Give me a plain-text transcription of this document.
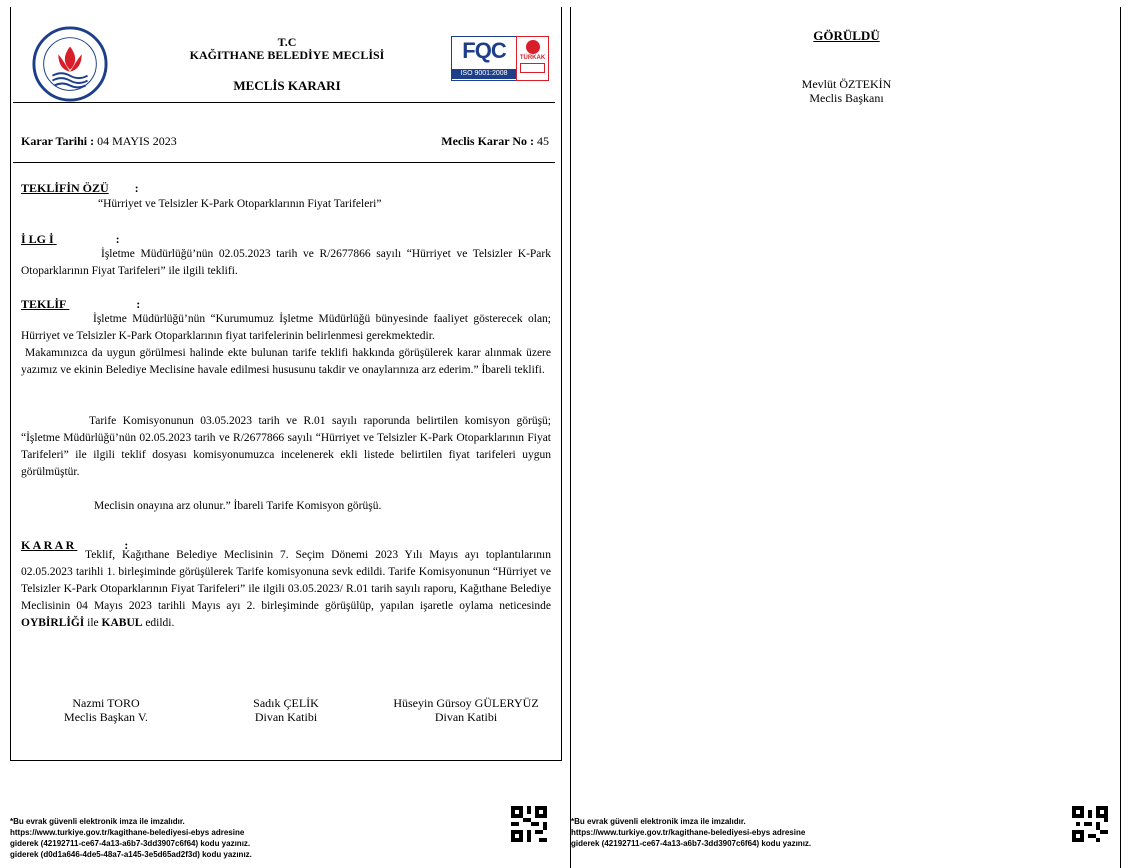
T.C
KAĞITHANE BELEDİYE MECLİSİ
MECLİS KARARI
FQC
ISO 9001:2008
TÜRKAK
Karar Tarihi : 04 MAYIS 2023	Meclis Karar No : 45
TEKLİFİN ÖZÜ :
“Hürriyet ve Telsizler K-Park Otoparklarının Fiyat Tarifeleri”
İ LG İ	:
İşletme Müdürlüğü’nün 02.05.2023 tarih ve R/2677866 sayılı “Hürriyet ve Telsizler K-Park Otoparklarının Fiyat Tarifeleri” ile ilgili teklifi.
TEKLİF	:
İşletme Müdürlüğü’nün “Kurumumuz İşletme Müdürlüğü bünyesinde faaliyet gösterecek olan; Hürriyet ve Telsizler K-Park Otoparklarının fiyat tarifelerinin belirlenmesi gerekmektedir.
Makamınızca da uygun görülmesi halinde ekte bulunan tarife teklifi hakkında görüşülerek karar alınmak üzere yazımız ve ekinin Belediye Meclisine havale edilmesi hususunu takdir ve onaylarınıza arz ederim.” İbareli teklifi.
Tarife Komisyonunun 03.05.2023 tarih ve R.01 sayılı raporunda belirtilen komisyon görüşü; “İşletme Müdürlüğü’nün 02.05.2023 tarih ve R/2677866 sayılı “Hürriyet ve Telsizler K-Park Otoparklarının Fiyat Tarifeleri” ile ilgili teklif dosyası komisyonumuzca incelenerek ekli listede belirtilen fiyat tarifeleri uygun görülmüştür.
Meclisin onayına arz olunur.” İbareli Tarife Komisyon görüşü.
K A R A R	:
Teklif, Kağıthane Belediye Meclisinin 7. Seçim Dönemi 2023 Yılı Mayıs ayı toplantılarının 02.05.2023 tarihli 1. birleşiminde görüşülerek Tarife komisyonuna sevk edildi. Tarife Komisyonunun “Hürriyet ve Telsizler K-Park Otoparklarının Fiyat Tarifeleri” ile ilgili 03.05.2023/ R.01 tarih sayılı raporu, Kağıthane Belediye Meclisinin 04 Mayıs 2023 tarihli Mayıs ayı 2. birleşiminde görüşülüp, yapılan işaretle oylama neticesinde OYBİRLİĞİ ile KABUL edildi.
Nazmi TORO
Meclis Başkan V.
Sadık ÇELİK
Divan Katibi
Hüseyin Gürsoy GÜLERYÜZ
Divan Katibi
*Bu evrak güvenli elektronik imza ile imzalıdır.
https://www.turkiye.gov.tr/kagithane-belediyesi-ebys adresine
giderek (42192711-ce67-4a13-a6b7-3dd3907c6f64) kodu yazınız.
giderek (d0d1a646-4de5-48a7-a145-3e5d65ad2f3d) kodu yazınız.
GÖRÜLDÜ
Mevlüt ÖZTEKİN
Meclis Başkanı
*Bu evrak güvenli elektronik imza ile imzalıdır.
https://www.turkiye.gov.tr/kagithane-belediyesi-ebys adresine
giderek (42192711-ce67-4a13-a6b7-3dd3907c6f64) kodu yazınız.
